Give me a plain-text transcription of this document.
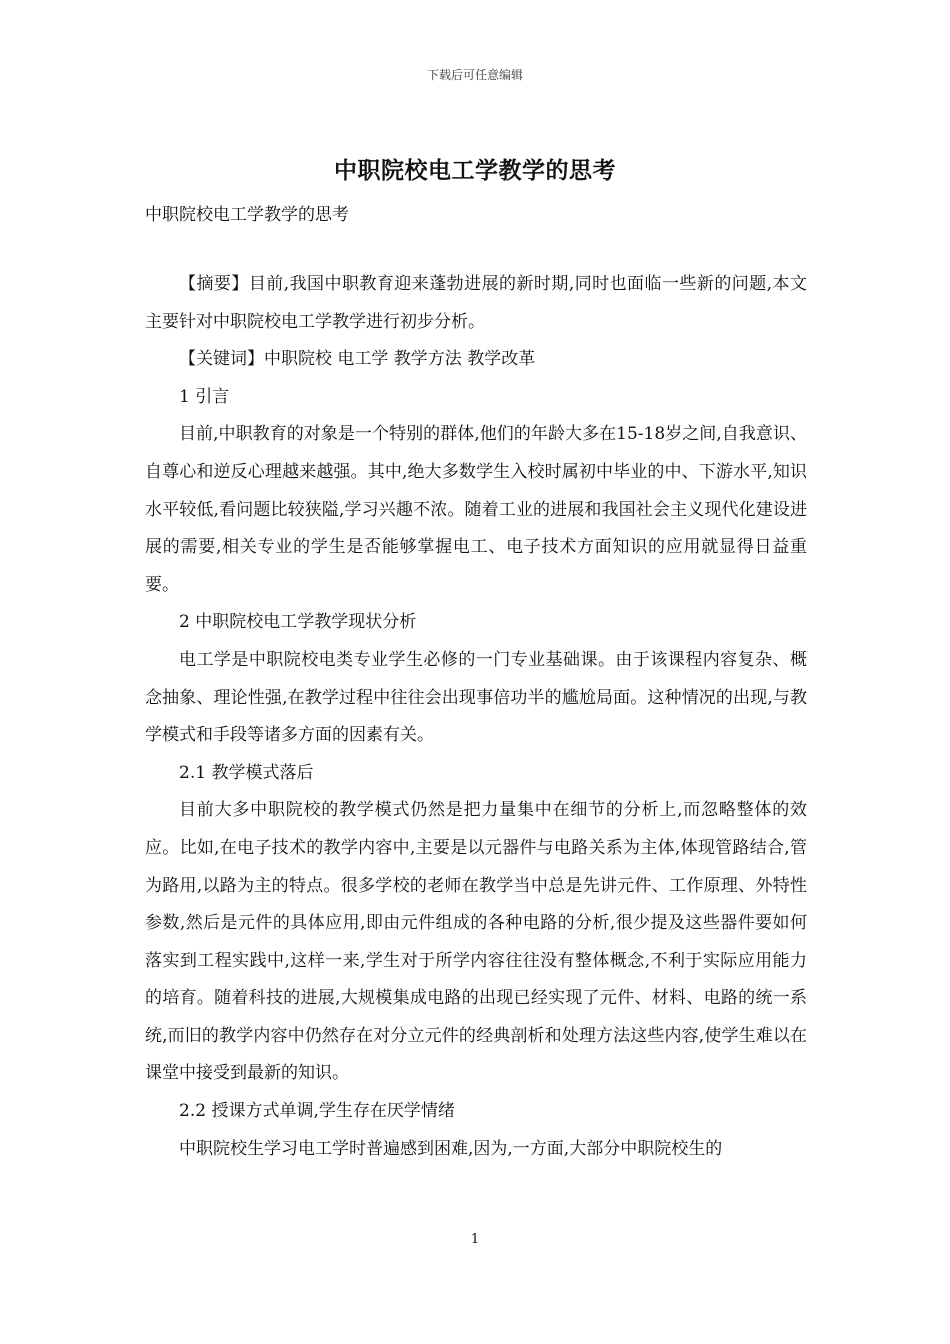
下载后可任意编辑
中职院校电工学教学的思考
中职院校电工学教学的思考

【摘要】目前,我国中职教育迎来蓬勃进展的新时期,同时也面临一些新的问题,本文主要针对中职院校电工学教学进行初步分析。

【关键词】中职院校 电工学 教学方法 教学改革

1 引言

目前,中职教育的对象是一个特别的群体,他们的年龄大多在15-18岁之间,自我意识、自尊心和逆反心理越来越强。其中,绝大多数学生入校时属初中毕业的中、下游水平,知识水平较低,看问题比较狭隘,学习兴趣不浓。随着工业的进展和我国社会主义现代化建设进展的需要,相关专业的学生是否能够掌握电工、电子技术方面知识的应用就显得日益重要。

2 中职院校电工学教学现状分析

电工学是中职院校电类专业学生必修的一门专业基础课。由于该课程内容复杂、概念抽象、理论性强,在教学过程中往往会出现事倍功半的尴尬局面。这种情况的出现,与教学模式和手段等诸多方面的因素有关。

2.1 教学模式落后

目前大多中职院校的教学模式仍然是把力量集中在细节的分析上,而忽略整体的效应。比如,在电子技术的教学内容中,主要是以元器件与电路关系为主体,体现管路结合,管为路用,以路为主的特点。很多学校的老师在教学当中总是先讲元件、工作原理、外特性参数,然后是元件的具体应用,即由元件组成的各种电路的分析,很少提及这些器件要如何落实到工程实践中,这样一来,学生对于所学内容往往没有整体概念,不利于实际应用能力的培育。随着科技的进展,大规模集成电路的出现已经实现了元件、材料、电路的统一系统,而旧的教学内容中仍然存在对分立元件的经典剖析和处理方法这些内容,使学生难以在课堂中接受到最新的知识。

2.2 授课方式单调,学生存在厌学情绪

中职院校生学习电工学时普遍感到困难,因为,一方面,大部分中职院校生的

1
